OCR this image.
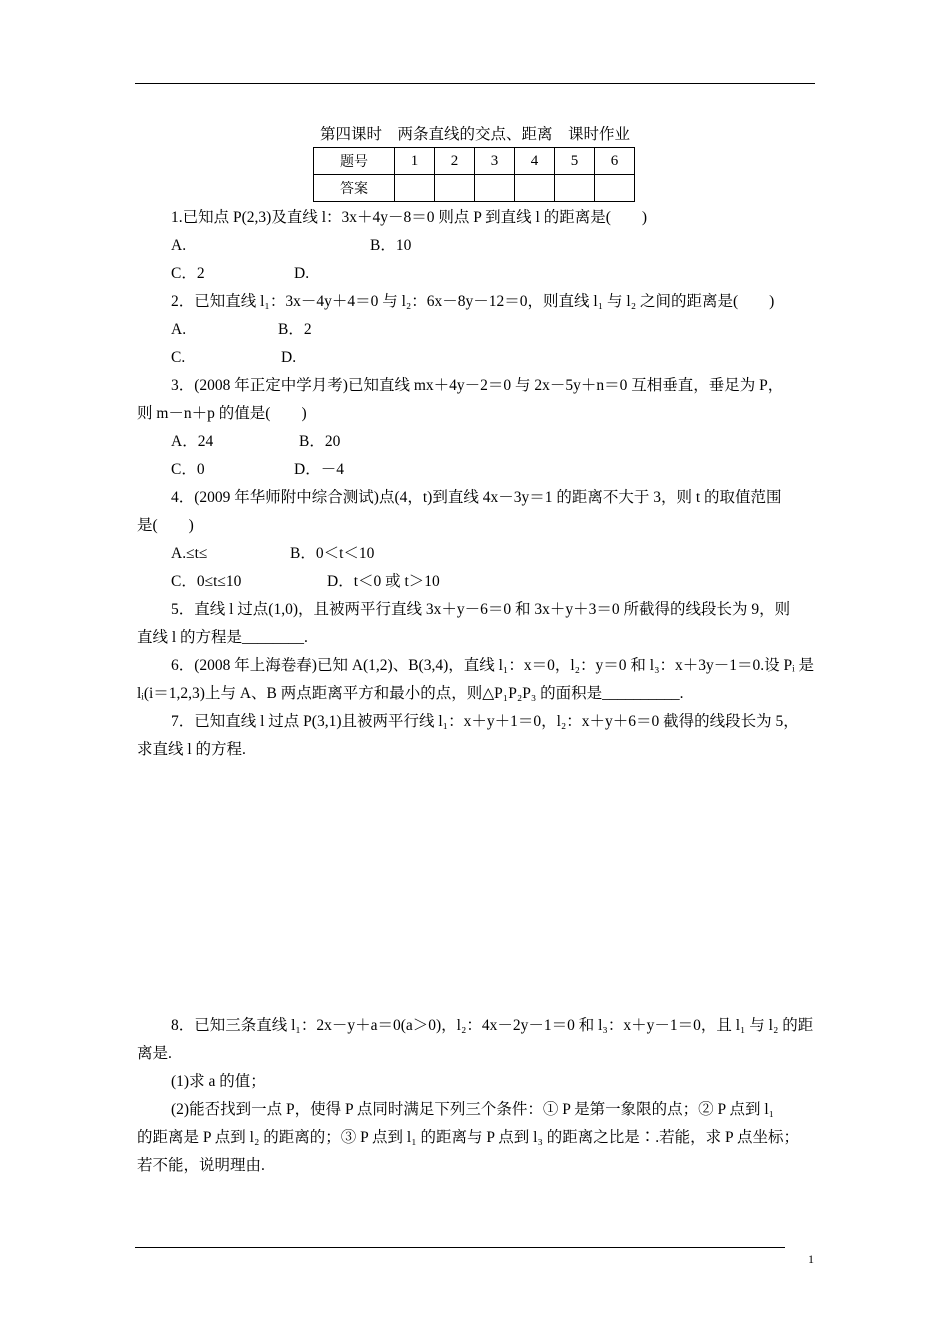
第四课时　两条直线的交点、距离　课时作业
题号	1	2	3	4	5	6
答案						
1.已知点 P(2,3)及直线 l：3x＋4y－8＝0 则点 P 到直线 l 的距离是(　　)
A.	B．10
C．2	D.
2．已知直线 l₁：3x－4y＋4＝0 与 l₂：6x－8y－12＝0，则直线 l₁ 与 l₂ 之间的距离是(　　)
A.	B．2
C.	D.
3．(2008 年正定中学月考)已知直线 mx＋4y－2＝0 与 2x－5y＋n＝0 互相垂直，垂足为 P，
则 m－n＋p 的值是(　　)
A．24	B．20
C．0	D．－4
4．(2009 年华师附中综合测试)点(4，t)到直线 4x－3y＝1 的距离不大于 3，则 t 的取值范围
是(　　)
A.≤t≤	B．0＜t＜10
C．0≤t≤10	D．t＜0 或 t＞10
5．直线 l 过点(1,0)，且被两平行直线 3x＋y－6＝0 和 3x＋y＋3＝0 所截得的线段长为 9，则
直线 l 的方程是________.
6．(2008 年上海卷春)已知 A(1,2)、B(3,4)，直线 l₁：x＝0，l₂：y＝0 和 l₃：x＋3y－1＝0.设 Pᵢ 是
lᵢ(i＝1,2,3)上与 A、B 两点距离平方和最小的点，则△P₁P₂P₃ 的面积是__________.
7．已知直线 l 过点 P(3,1)且被两平行线 l₁：x＋y＋1＝0，l₂：x＋y＋6＝0 截得的线段长为 5，
求直线 l 的方程.
8．已知三条直线 l₁：2x－y＋a＝0(a＞0)，l₂：4x－2y－1＝0 和 l₃：x＋y－1＝0，且 l₁ 与 l₂ 的距
离是.
(1)求 a 的值；
(2)能否找到一点 P，使得 P 点同时满足下列三个条件：① P 是第一象限的点；② P 点到 l₁
的距离是 P 点到 l₂ 的距离的；③ P 点到 l₁ 的距离与 P 点到 l₃ 的距离之比是∶.若能，求 P 点坐标；
若不能，说明理由.
1
